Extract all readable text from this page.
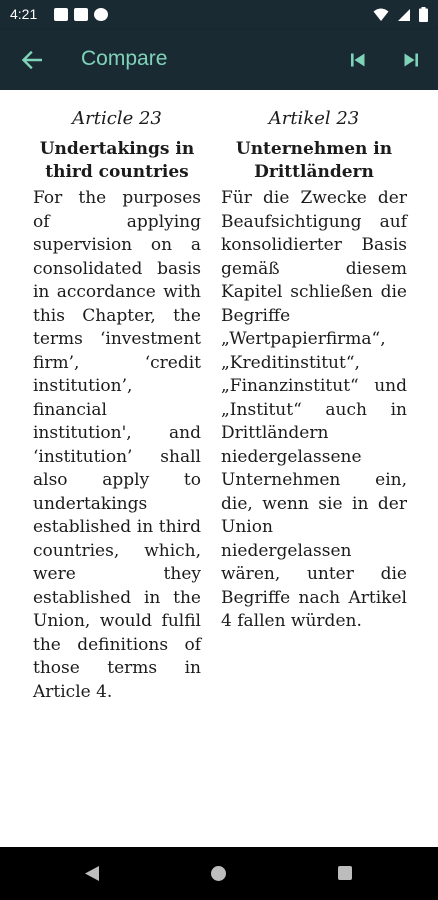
4:21
Compare
Article 23
Undertakings in third countries
For the purposes of applying supervision on a consolidated basis in accordance with this Chapter, the terms ‘investment firm’, ‘credit institution’, financial institution', and ‘institution’ shall also apply to undertakings established in third countries, which, were they established in the Union, would fulfil the definitions of those terms in Article 4.
Artikel 23
Unternehmen in Drittländern
Für die Zwecke der Beaufsichtigung auf konsolidierter Basis gemäß diesem Kapitel schließen die Begriffe „Wertpapierfirma“, „Kreditinstitut“, „Finanzinstitut“ und „Institut“ auch in Drittländern niedergelassene Unternehmen ein, die, wenn sie in der Union niedergelassen wären, unter die Begriffe nach Artikel 4 fallen würden.
